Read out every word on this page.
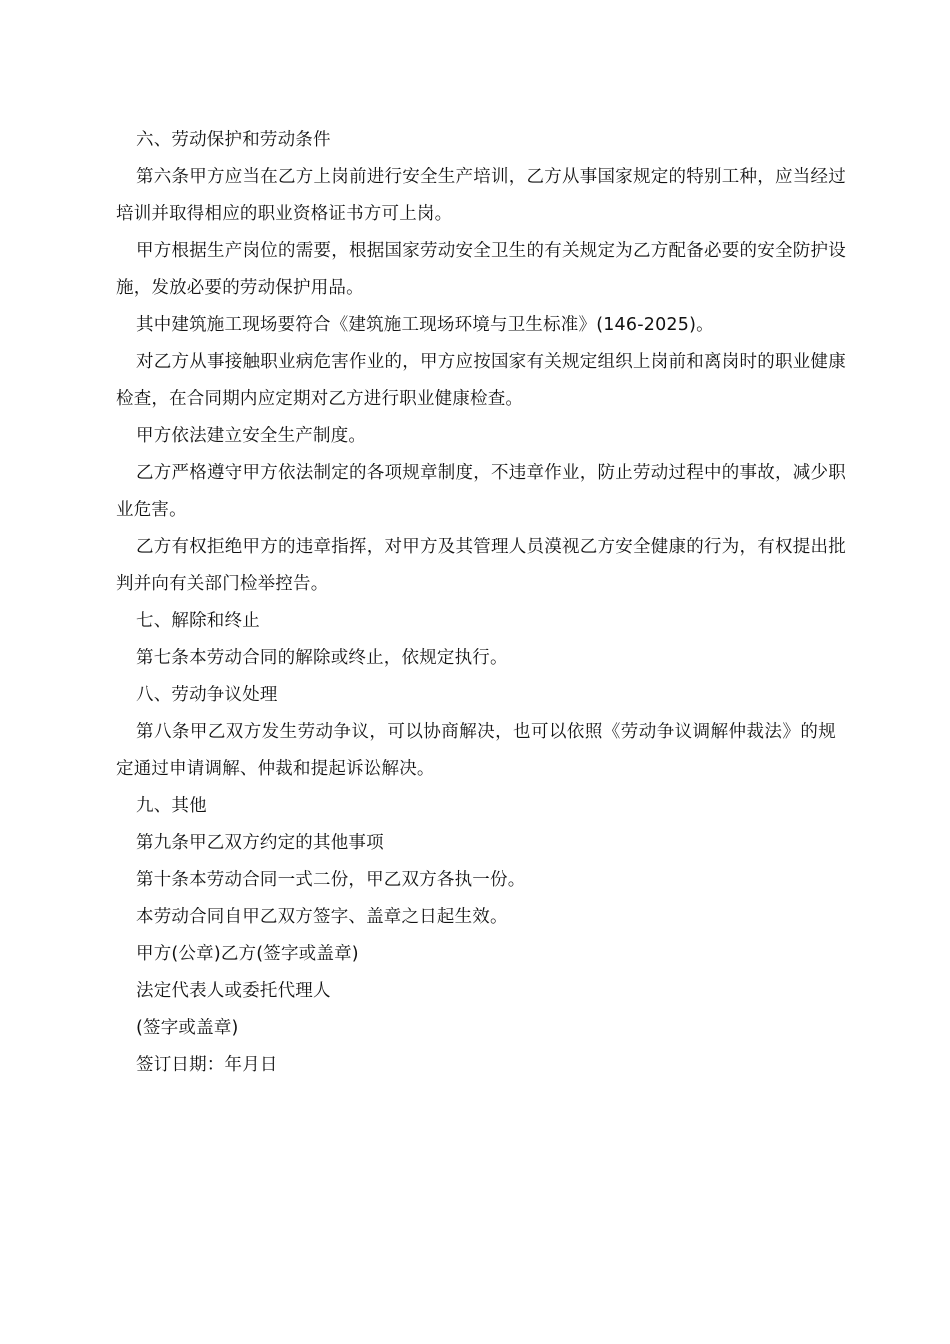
六、劳动保护和劳动条件

第六条甲方应当在乙方上岗前进行安全生产培训，乙方从事国家规定的特别工种，应当经过培训并取得相应的职业资格证书方可上岗。

甲方根据生产岗位的需要，根据国家劳动安全卫生的有关规定为乙方配备必要的安全防护设施，发放必要的劳动保护用品。

其中建筑施工现场要符合《建筑施工现场环境与卫生标准》(146-2025)。

对乙方从事接触职业病危害作业的，甲方应按国家有关规定组织上岗前和离岗时的职业健康检查，在合同期内应定期对乙方进行职业健康检查。

甲方依法建立安全生产制度。

乙方严格遵守甲方依法制定的各项规章制度，不违章作业，防止劳动过程中的事故，减少职业危害。

乙方有权拒绝甲方的违章指挥，对甲方及其管理人员漠视乙方安全健康的行为，有权提出批判并向有关部门检举控告。

七、解除和终止

第七条本劳动合同的解除或终止，依规定执行。

八、劳动争议处理

第八条甲乙双方发生劳动争议，可以协商解决，也可以依照《劳动争议调解仲裁法》的规定通过申请调解、仲裁和提起诉讼解决。

九、其他

第九条甲乙双方约定的其他事项

第十条本劳动合同一式二份，甲乙双方各执一份。

本劳动合同自甲乙双方签字、盖章之日起生效。

甲方(公章)乙方(签字或盖章)

法定代表人或委托代理人

(签字或盖章)

签订日期：年月日
